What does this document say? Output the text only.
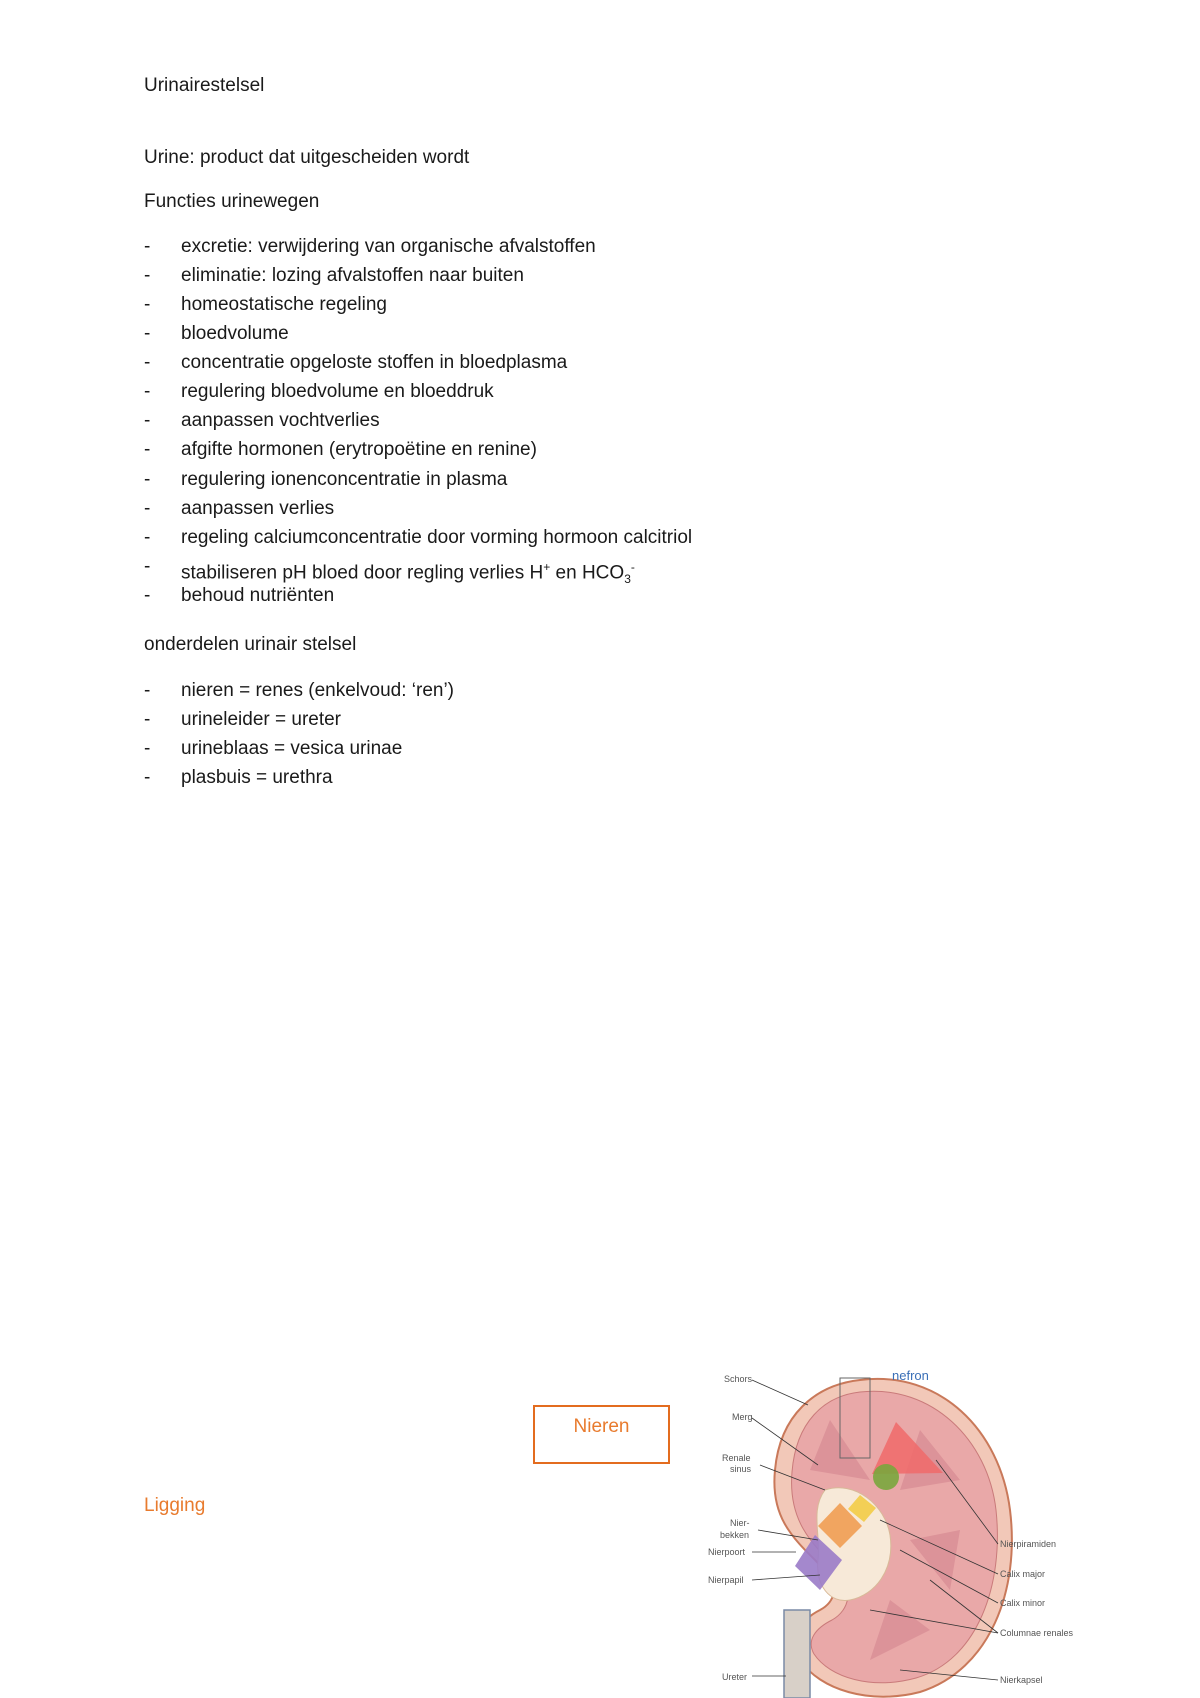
Urinairestelsel
Urine: product dat uitgescheiden wordt
Functies urinewegen
- excretie: verwijdering van organische afvalstoffen
- eliminatie: lozing afvalstoffen naar buiten
- homeostatische regeling
- bloedvolume
- concentratie opgeloste stoffen in bloedplasma
- regulering bloedvolume en bloeddruk
- aanpassen vochtverlies
- afgifte hormonen (erytropoëtine en renine)
- regulering ionenconcentratie in plasma
- aanpassen verlies
- regeling calciumconcentratie door vorming hormoon calcitriol
- stabiliseren pH bloed door regling verlies H+ en $HCO_3^-$
- behoud nutriënten
onderdelen urinair stelsel
- nieren = renes (enkelvoud: ‘ren’)
- urineleider = ureter
- urineblaas = vesica urinae
- plasbuis = urethra
Nieren
Ligging
nefron
Schors
Merg
Renale
sinus
Nier-
bekken
Nierpoort
Nierpapil
Ureter
Nierpiramiden
Calix major
Calix minor
Columnae renales
Nierkapsel
